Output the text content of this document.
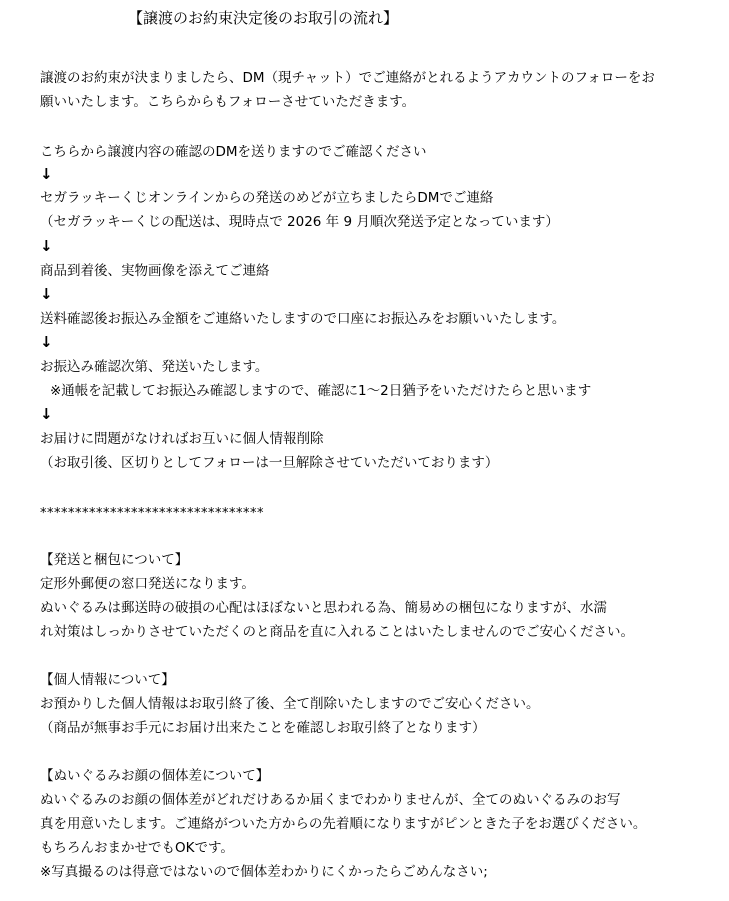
【譲渡のお約束決定後のお取引の流れ】
譲渡のお約束が決まりましたら、DM（現チャット）でご連絡がとれるようアカウントのフォローをお
願いいたします。こちらからもフォローさせていただきます。
こちらから譲渡内容の確認のDMを送りますのでご確認ください
↓
セガラッキーくじオンラインからの発送のめどが立ちましたらDMでご連絡
（セガラッキーくじの配送は、現時点で 2026 年 9 月順次発送予定となっています）
↓
商品到着後、実物画像を添えてご連絡
↓
送料確認後お振込み金額をご連絡いたしますので口座にお振込みをお願いいたします。
↓
お振込み確認次第、発送いたします。
※通帳を記載してお振込み確認しますので、確認に1～2日猶予をいただけたらと思います
↓
お届けに問題がなければお互いに個人情報削除
（お取引後、区切りとしてフォローは一旦解除させていただいております）
********************************
【発送と梱包について】
定形外郵便の窓口発送になります。
ぬいぐるみは郵送時の破損の心配はほぼないと思われる為、簡易めの梱包になりますが、水濡
れ対策はしっかりさせていただくのと商品を直に入れることはいたしませんのでご安心ください。
【個人情報について】
お預かりした個人情報はお取引終了後、全て削除いたしますのでご安心ください。
（商品が無事お手元にお届け出来たことを確認しお取引終了となります）
【ぬいぐるみお顔の個体差について】
ぬいぐるみのお顔の個体差がどれだけあるか届くまでわかりませんが、全てのぬいぐるみのお写
真を用意いたします。ご連絡がついた方からの先着順になりますがピンときた子をお選びください。
もちろんおまかせでもOKです。
※写真撮るのは得意ではないので個体差わかりにくかったらごめんなさい;
